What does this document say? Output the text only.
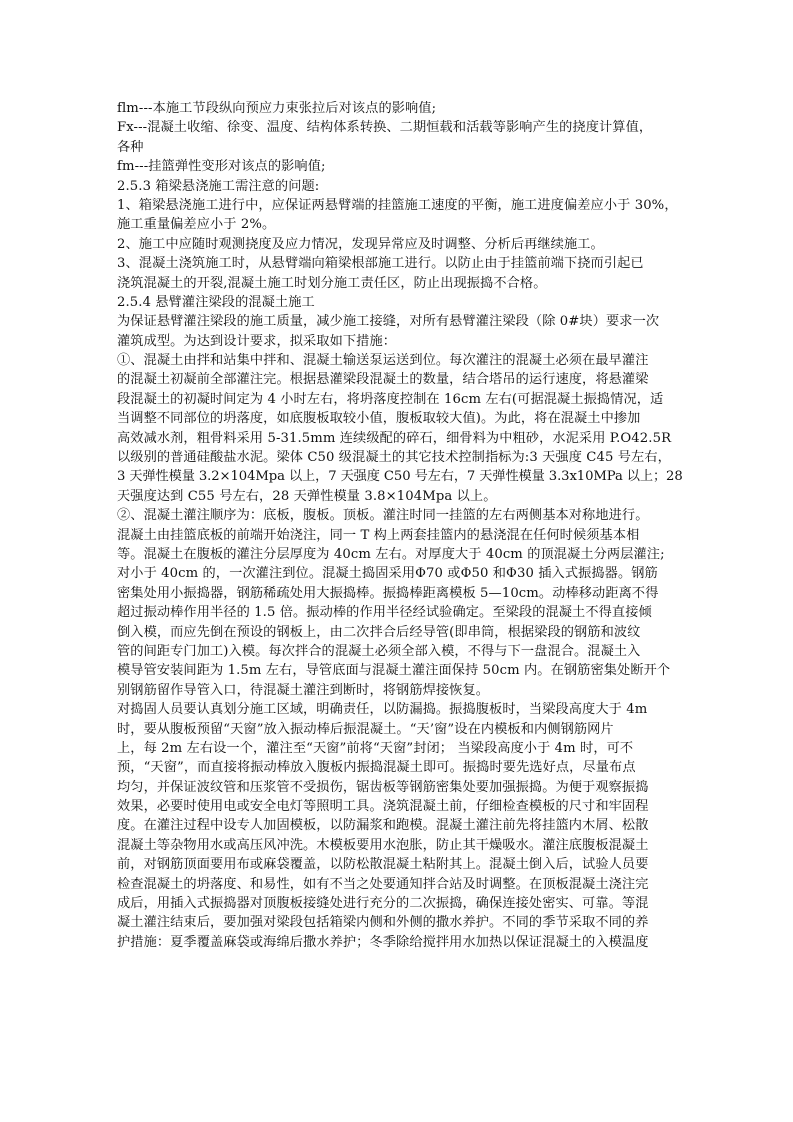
flm---本施工节段纵向预应力束张拉后对该点的影响值;
Fx---混凝土收缩、徐变、温度、结构体系转换、二期恒载和活载等影响产生的挠度计算值，
各种
fm---挂篮弹性变形对该点的影响值;
2.5.3 箱梁悬浇施工需注意的问题:
1、箱梁悬浇施工进行中，应保证两悬臂端的挂篮施工速度的平衡，施工进度偏差应小于 30%，
施工重量偏差应小于 2%。
2、施工中应随时观测挠度及应力情况，发现异常应及时调整、分析后再继续施工。
3、混凝土浇筑施工时，从悬臂端向箱梁根部施工进行。以防止由于挂篮前端下挠而引起已
浇筑混凝土的开裂,混凝土施工时划分施工责任区，防止出现振捣不合格。
2.5.4 悬臂灌注梁段的混凝土施工
为保证悬臂灌注梁段的施工质量，减少施工接缝，对所有悬臂灌注梁段（除 0#块）要求一次
灌筑成型。为达到设计要求，拟采取如下措施：
①、混凝土由拌和站集中拌和、混凝土输送泵运送到位。每次灌注的混凝土必须在最早灌注
的混凝土初凝前全部灌注完。根据悬灌梁段混凝土的数量，结合塔吊的运行速度，将悬灌梁
段混凝土的初凝时间定为 4 小时左右，将坍落度控制在 16cm 左右(可据混凝土振捣情况，适
当调整不同部位的坍落度，如底腹板取较小值，腹板取较大值)。为此，将在混凝土中掺加
高效减水剂，粗骨料采用 5-31.5mm 连续级配的碎石，细骨料为中粗砂，水泥采用 P.O42.5R
以级别的普通硅酸盐水泥。梁体 C50 级混凝土的其它技术控制指标为:3 天强度 C45 号左右，
3 天弹性模量 3.2×104Mpa 以上，7 天强度 C50 号左右，7 天弹性模量 3.3x10MPa 以上；28
天强度达到 C55 号左右，28 天弹性模量 3.8×104Mpa 以上。
②、混凝土灌注顺序为：底板，腹板。顶板。灌注时同一挂篮的左右两侧基本对称地进行。
混凝土由挂篮底板的前端开始浇注，同一 T 构上两套挂篮内的悬浇混在任何时候须基本相
等。混凝土在腹板的灌注分层厚度为 40cm 左右。对厚度大于 40cm 的顶混凝土分两层灌注;
对小于 40cm 的，一次灌注到位。混凝土捣固采用Φ70 或Φ50 和Φ30 插入式振捣器。钢筋
密集处用小振捣器，钢筋稀疏处用大振捣棒。振捣棒距离模板 5—10cm。动棒移动距离不得
超过振动棒作用半径的 1.5 倍。振动棒的作用半径经试验确定。至梁段的混凝土不得直接倾
倒入模，而应先倒在预设的钢板上，由二次拌合后经导管(即串筒，根据梁段的钢筋和波纹
管的间距专门加工)入模。每次拌合的混凝土必须全部入模，不得与下一盘混合。混凝土入
模导管安装间距为 1.5m 左右，导管底面与混凝土灌注面保持 50cm 内。在钢筋密集处断开个
别钢筋留作导管入口，待混凝土灌注到断时，将钢筋焊接恢复。
对捣固人员要认真划分施工区域，明确责任，以防漏捣。振捣腹板时，当梁段高度大于 4m
时，要从腹板预留“天窗”放入振动棒后振混凝土。“天’窗”设在内模板和内侧钢筋网片
上，每 2m 左右设一个，灌注至“天窗”前将“天窗”封闭； 当梁段高度小于 4m 时，可不
预，“天窗”，而直接将振动棒放入腹板内振捣混凝土即可。振捣时要先选好点，尽量布点
均匀，并保证波纹管和压浆管不受损伤，锯齿板等钢筋密集处要加强振捣。为便于观察振捣
效果，必要时使用电或安全电灯等照明工具。浇筑混凝土前，仔细检查模板的尺寸和牢固程
度。在灌注过程中设专人加固模板，以防漏浆和跑模。混凝土灌注前先将挂篮内木屑、松散
混凝土等杂物用水或高压风冲洗。木模板要用水泡胀，防止其干燥吸水。灌注底腹板混凝土
前，对钢筋顶面要用布或麻袋覆盖，以防松散混凝土粘附其上。混凝土倒入后，试验人员要
检查混凝土的坍落度、和易性，如有不当之处要通知拌合站及时调整。在顶板混凝土浇注完
成后，用插入式振捣器对顶腹板接缝处进行充分的二次振捣，确保连接处密实、可靠。等混
凝土灌注结束后，要加强对梁段包括箱梁内侧和外侧的撒水养护。不同的季节采取不同的养
护措施：夏季覆盖麻袋或海绵后撒水养护；冬季除给搅拌用水加热以保证混凝土的入模温度
